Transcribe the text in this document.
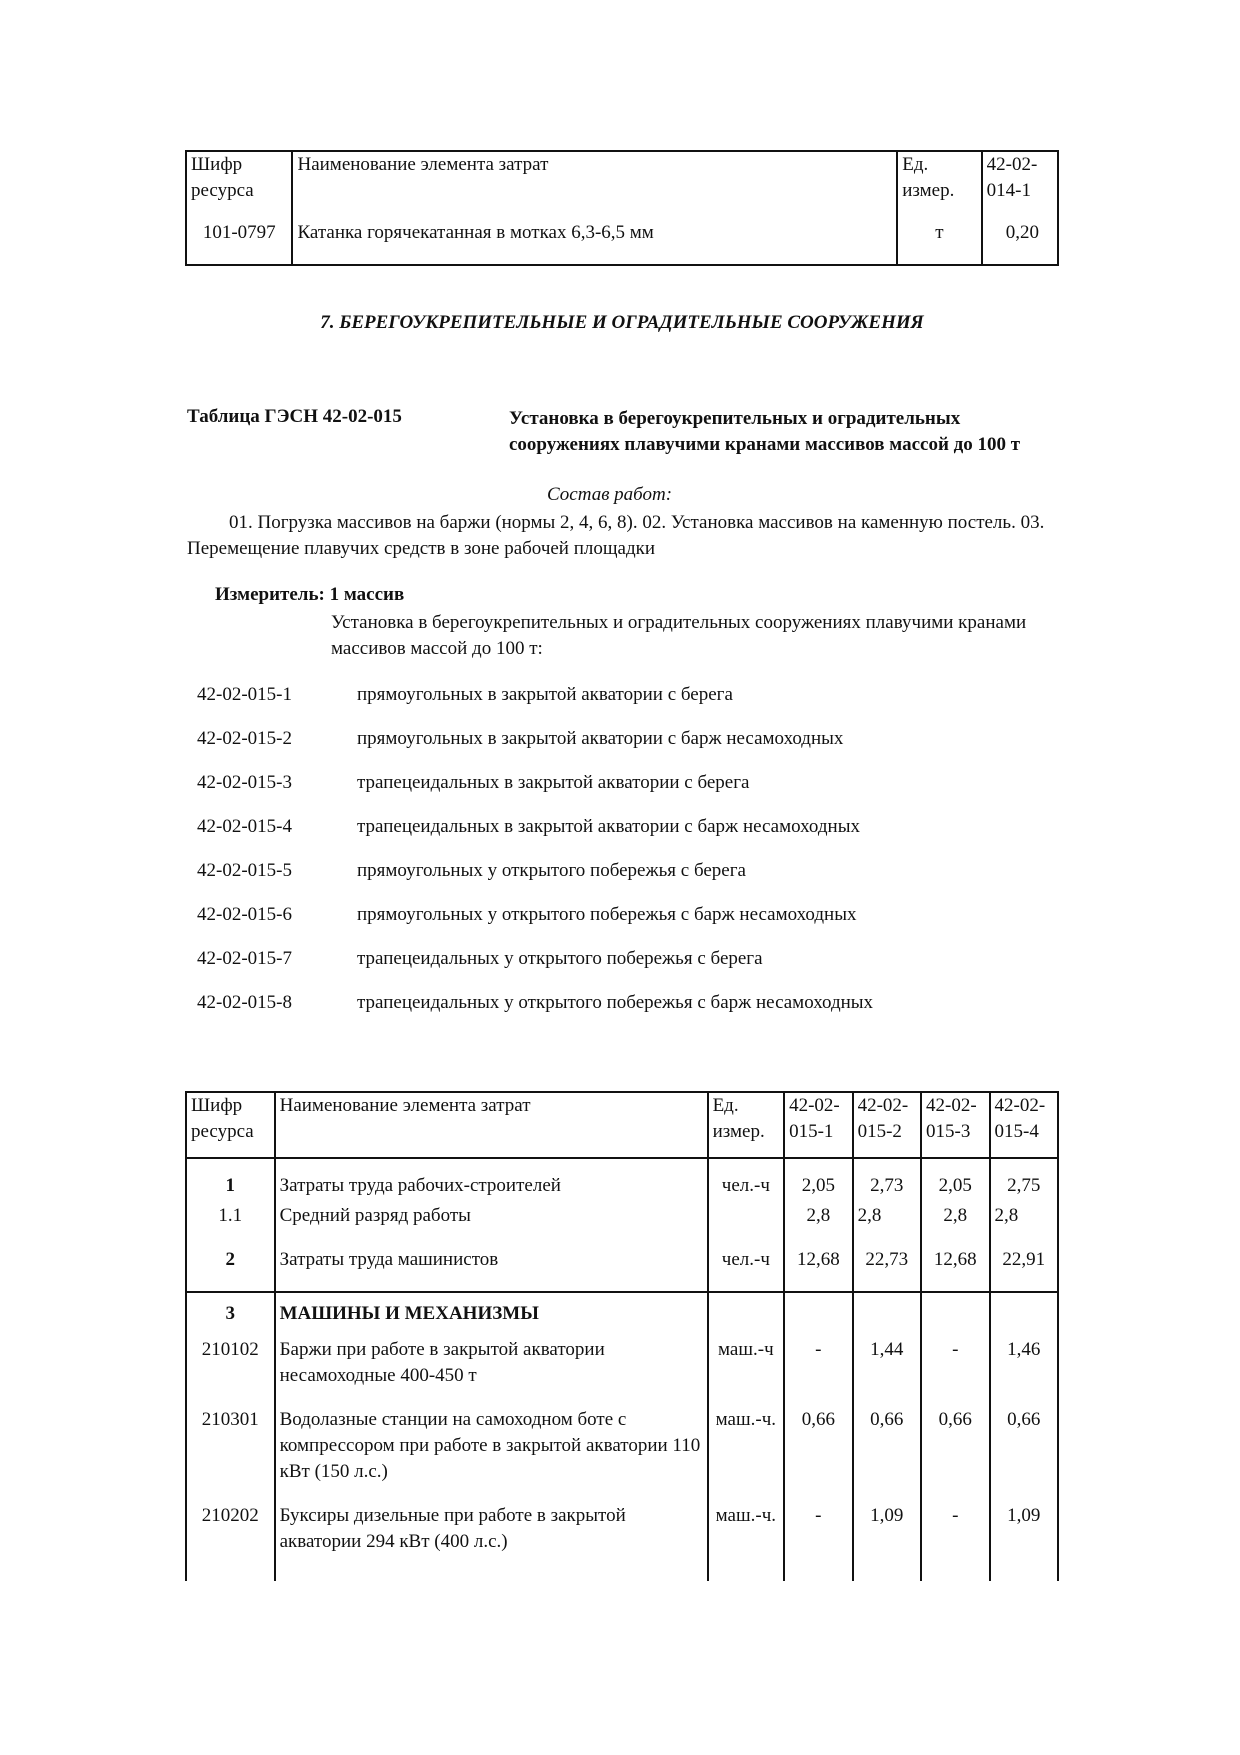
Шифр ресурса	Наименование элемента затрат	Ед. измер.	42-02-014-1
101-0797	Катанка горячекатанная в мотках 6,3-6,5 мм	т	0,20
7. БЕРЕГОУКРЕПИТЕЛЬНЫЕ И ОГРАДИТЕЛЬНЫЕ СООРУЖЕНИЯ
Таблица ГЭСН 42-02-015	Установка в берегоукрепительных и оградительных сооружениях плавучими кранами массивов массой до 100 т
Состав работ:
01. Погрузка массивов на баржи (нормы 2, 4, 6, 8). 02. Установка массивов на каменную постель. 03. Перемещение плавучих средств в зоне рабочей площадки
Измеритель: 1 массив
Установка в берегоукрепительных и оградительных сооружениях плавучими кранами массивов массой до 100 т:
42-02-015-1	прямоугольных в закрытой акватории с берега
42-02-015-2	прямоугольных в закрытой акватории с барж несамоходных
42-02-015-3	трапецеидальных в закрытой акватории с берега
42-02-015-4	трапецеидальных в закрытой акватории с барж несамоходных
42-02-015-5	прямоугольных у открытого побережья с берега
42-02-015-6	прямоугольных у открытого побережья с барж несамоходных
42-02-015-7	трапецеидальных у открытого побережья с берега
42-02-015-8	трапецеидальных у открытого побережья с барж несамоходных
Шифр ресурса	Наименование элемента затрат	Ед. измер.	42-02-015-1	42-02-015-2	42-02-015-3	42-02-015-4
1	Затраты труда рабочих-строителей	чел.-ч	2,05	2,73	2,05	2,75
1.1	Средний разряд работы		2,8	2,8	2,8	2,8
2	Затраты труда машинистов	чел.-ч	12,68	22,73	12,68	22,91
3	МАШИНЫ И МЕХАНИЗМЫ					
210102	Баржи при работе в закрытой акватории несамоходные 400-450 т	маш.-ч	-	1,44	-	1,46
210301	Водолазные станции на самоходном боте с компрессором при работе в закрытой акватории 110 кВт (150 л.с.)	маш.-ч.	0,66	0,66	0,66	0,66
210202	Буксиры дизельные при работе в закрытой акватории 294 кВт (400 л.с.)	маш.-ч.	-	1,09	-	1,09
